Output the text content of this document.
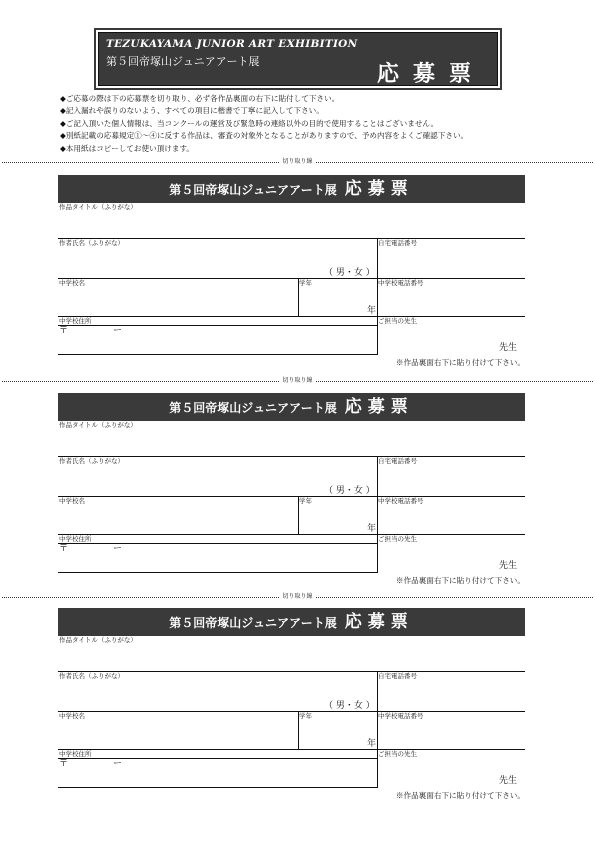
TEZUKAYAMA JUNIOR ART EXHIBITION
第５回帝塚山ジュニアアート展
応募票
◆ご応募の際は下の応募票を切り取り、必ず各作品裏面の右下に貼付して下さい。
◆記入漏れや誤りのないよう、すべての項目に楷書で丁寧に記入して下さい。
◆ご記入頂いた個人情報は、当コンクールの運営及び緊急時の連絡以外の目的で使用することはございません。
◆別紙記載の応募規定①〜④に反する作品は、審査の対象外となることがありますので、予め内容をよくご確認下さい。
◆本用紙はコピーしてお使い頂けます。
切り取り線
第５回帝塚山ジュニアアート展 応募票
作品タイトル（ふりがな）
作者氏名（ふりがな）	自宅電話番号
（ 男・女 ）
中学校名	学年	中学校電話番号
年
中学校住所	ご担当の先生
〒	ー
先生
※作品裏面右下に貼り付けて下さい。
切り取り線
第５回帝塚山ジュニアアート展 応募票
作品タイトル（ふりがな）
作者氏名（ふりがな）	自宅電話番号
（ 男・女 ）
中学校名	学年	中学校電話番号
年
中学校住所	ご担当の先生
〒	ー
先生
※作品裏面右下に貼り付けて下さい。
切り取り線
第５回帝塚山ジュニアアート展 応募票
作品タイトル（ふりがな）
作者氏名（ふりがな）	自宅電話番号
（ 男・女 ）
中学校名	学年	中学校電話番号
年
中学校住所	ご担当の先生
〒	ー
先生
※作品裏面右下に貼り付けて下さい。
